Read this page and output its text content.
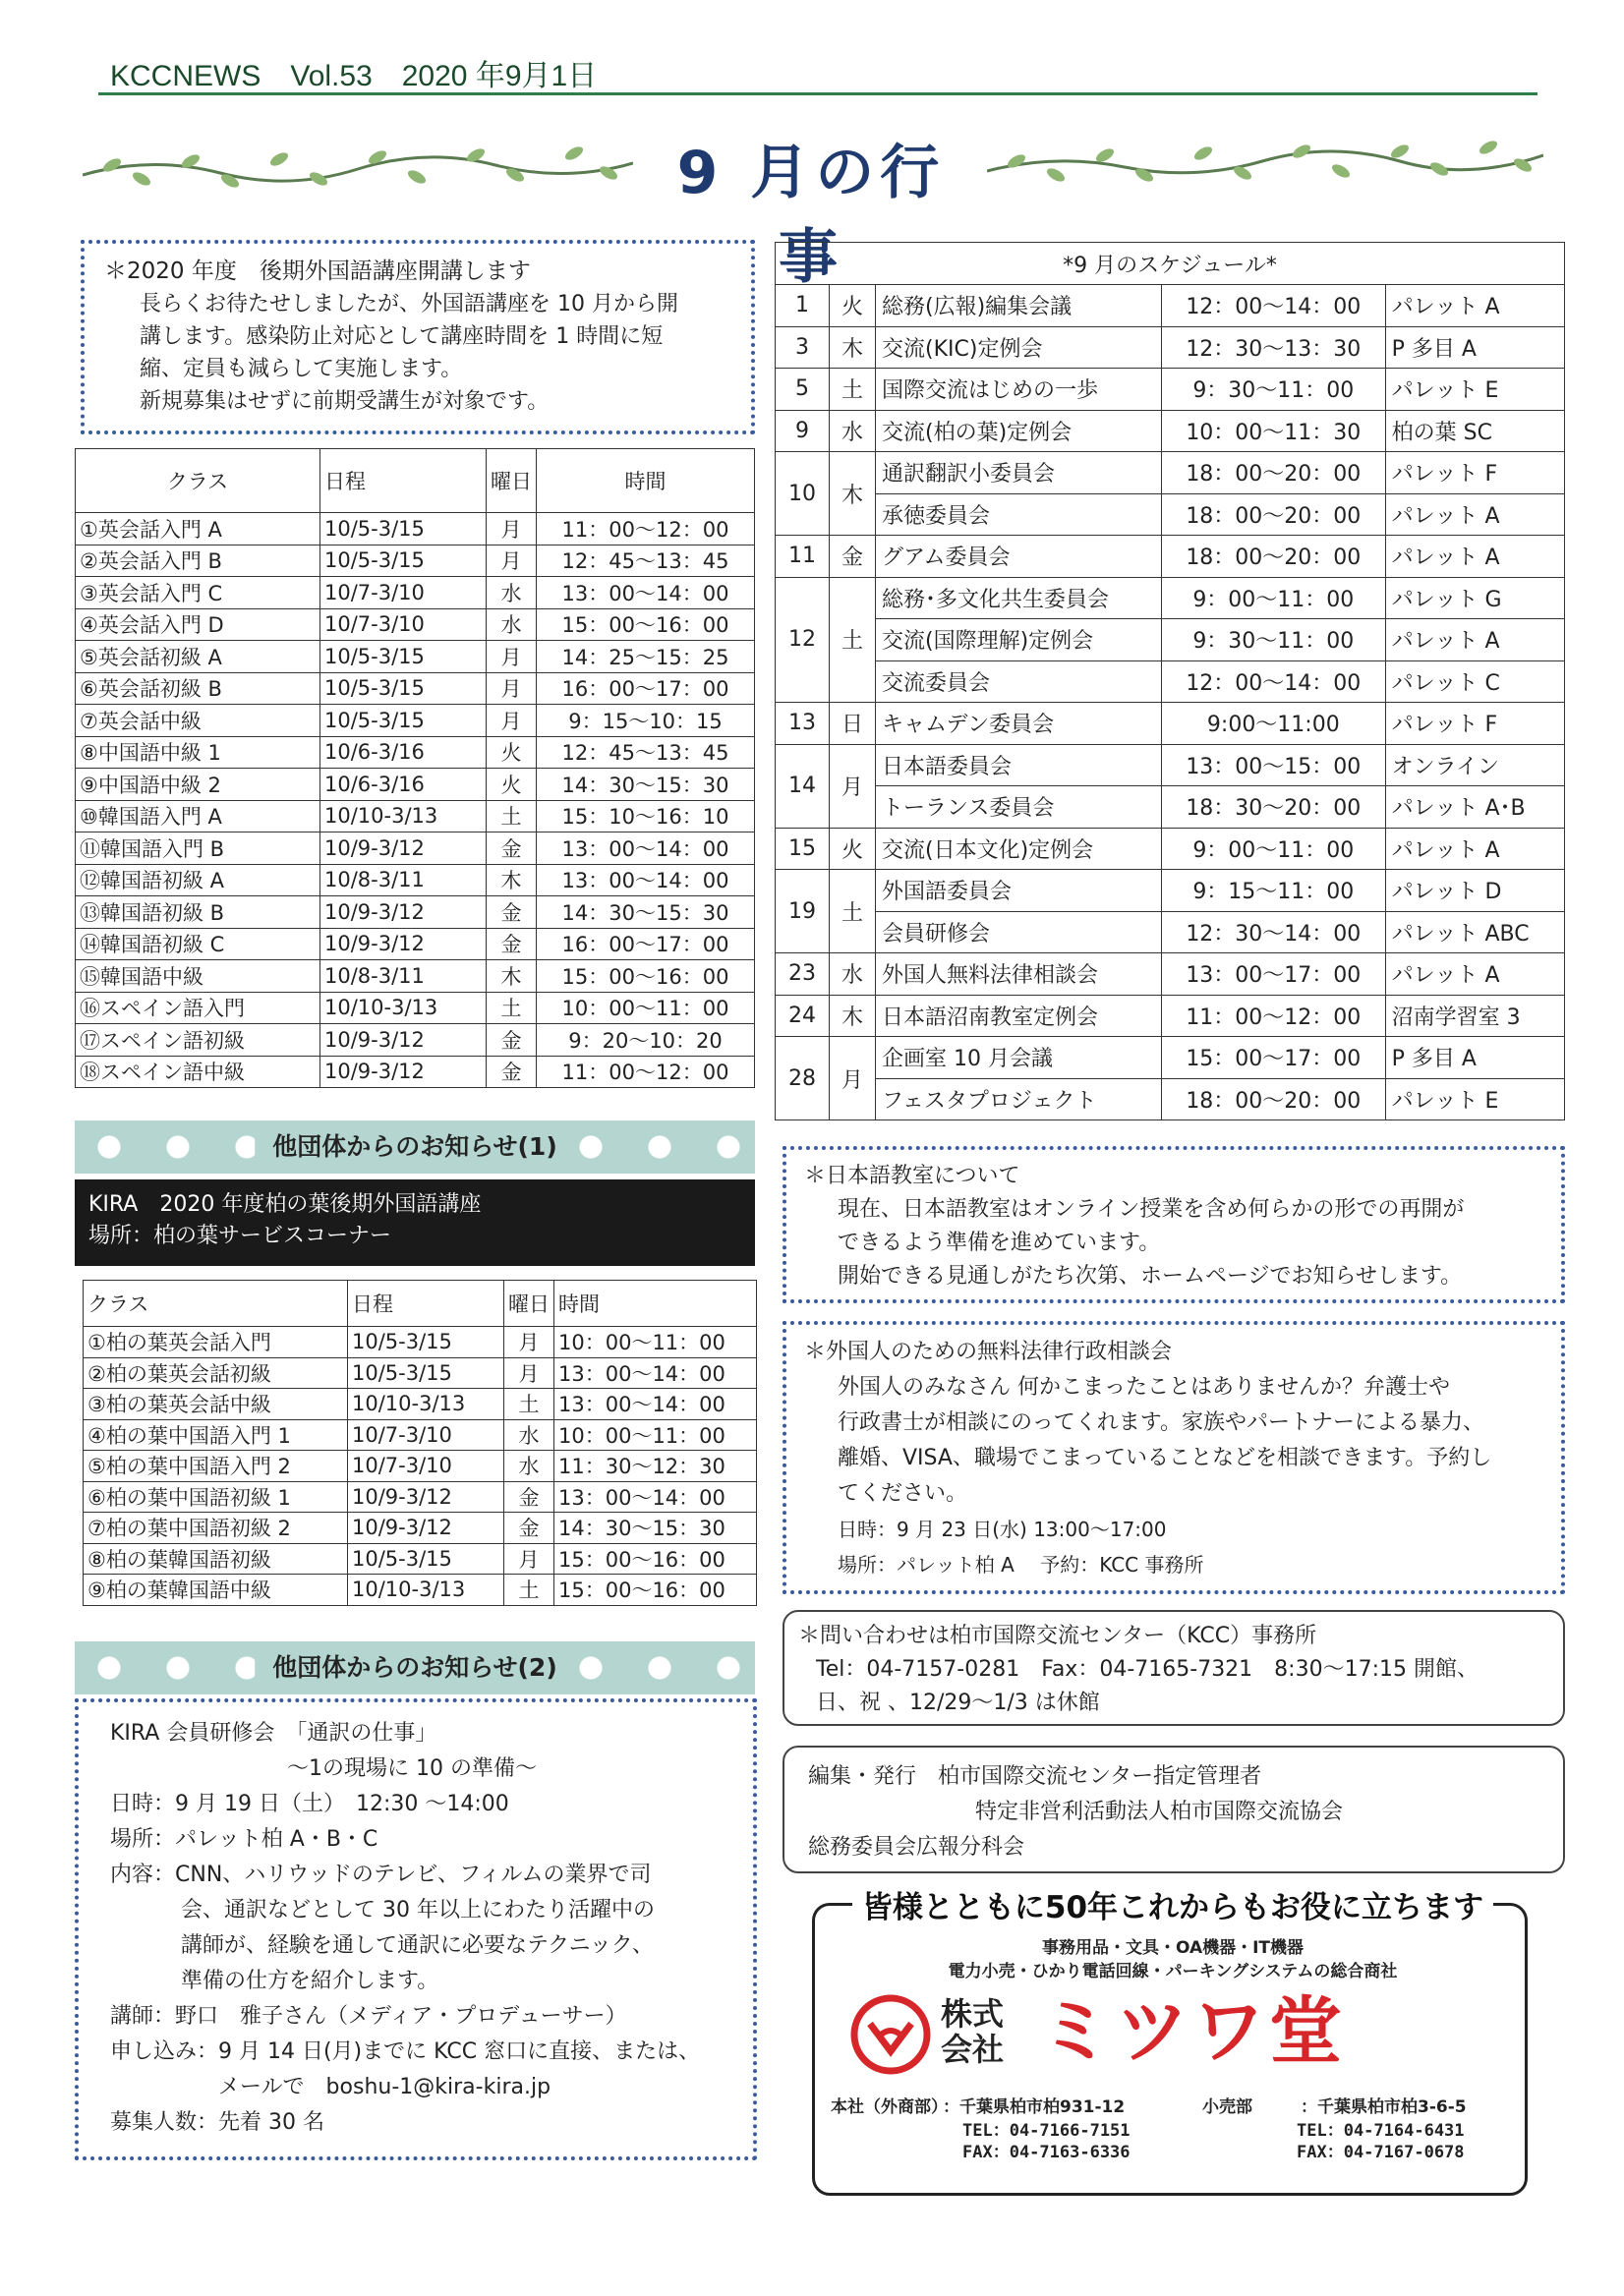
KCCNEWS　Vol.53　2020 年9月1日
9 月の行事
＊2020 年度　後期外国語講座開講します
長らくお待たせしましたが、外国語講座を 10 月から開
講します。感染防止対応として講座時間を 1 時間に短
縮、定員も減らして実施します。
新規募集はせずに前期受講生が対象です。
クラス	日程	曜日	時間
①英会話入門 A	10/5-3/15	月	11：00～12：00
②英会話入門 B	10/5-3/15	月	12：45～13：45
③英会話入門 C	10/7-3/10	水	13：00～14：00
④英会話入門 D	10/7-3/10	水	15：00～16：00
⑤英会話初級 A	10/5-3/15	月	14：25～15：25
⑥英会話初級 B	10/5-3/15	月	16：00～17：00
⑦英会話中級	10/5-3/15	月	9：15～10：15
⑧中国語中級 1	10/6-3/16	火	12：45～13：45
⑨中国語中級 2	10/6-3/16	火	14：30～15：30
⑩韓国語入門 A	10/10-3/13	土	15：10～16：10
⑪韓国語入門 B	10/9-3/12	金	13：00～14：00
⑫韓国語初級 A	10/8-3/11	木	13：00～14：00
⑬韓国語初級 B	10/9-3/12	金	14：30～15：30
⑭韓国語初級 C	10/9-3/12	金	16：00～17：00
⑮韓国語中級	10/8-3/11	木	15：00～16：00
⑯スペイン語入門	10/10-3/13	土	10：00～11：00
⑰スペイン語初級	10/9-3/12	金	9：20～10：20
⑱スペイン語中級	10/9-3/12	金	11：00～12：00
他団体からのお知らせ(1)
KIRA　2020 年度柏の葉後期外国語講座
場所：柏の葉サービスコーナー
クラス	日程	曜日	時間
①柏の葉英会話入門	10/5-3/15	月	10：00～11：00
②柏の葉英会話初級	10/5-3/15	月	13：00～14：00
③柏の葉英会話中級	10/10-3/13	土	13：00～14：00
④柏の葉中国語入門 1	10/7-3/10	水	10：00～11：00
⑤柏の葉中国語入門 2	10/7-3/10	水	11：30～12：30
⑥柏の葉中国語初級 1	10/9-3/12	金	13：00～14：00
⑦柏の葉中国語初級 2	10/9-3/12	金	14：30～15：30
⑧柏の葉韓国語初級	10/5-3/15	月	15：00～16：00
⑨柏の葉韓国語中級	10/10-3/13	土	15：00～16：00
他団体からのお知らせ(2)
KIRA 会員研修会　「通訳の仕事」
～1の現場に 10 の準備～
日時：9 月 19 日（土）　12:30 ～14:00
場所：パレット柏 A・B・C
内容：CNN、ハリウッドのテレビ、フィルムの業界で司
会、通訳などとして 30 年以上にわたり活躍中の
講師が、経験を通して通訳に必要なテクニック、
準備の仕方を紹介します。
講師：野口　雅子さん（メディア・プロデューサー）
申し込み：9 月 14 日(月)までに KCC 窓口に直接、または、
メールで　boshu-1@kira-kira.jp
募集人数：先着 30 名
*9 月のスケジュール*				
1	火	総務(広報)編集会議	12：00～14：00	パレット A
3	木	交流(KIC)定例会	12：30～13：30	P 多目 A
5	土	国際交流はじめの一歩	9：30～11：00	パレット E
9	水	交流(柏の葉)定例会	10：00～11：30	柏の葉 SC
10	木	通訳翻訳小委員会	18：00～20：00	パレット F
		承徳委員会	18：00～20：00	パレット A
11	金	グアム委員会	18：00～20：00	パレット A
12	土	総務･多文化共生委員会	9：00～11：00	パレット G
		交流(国際理解)定例会	9：30～11：00	パレット A
		交流委員会	12：00～14：00	パレット C
13	日	キャムデン委員会	9:00～11:00	パレット F
14	月	日本語委員会	13：00～15：00	オンライン
		トーランス委員会	18：30～20：00	パレット A･B
15	火	交流(日本文化)定例会	9：00～11：00	パレット A
19	土	外国語委員会	9：15～11：00	パレット D
		会員研修会	12：30～14：00	パレット ABC
23	水	外国人無料法律相談会	13：00～17：00	パレット A
24	木	日本語沼南教室定例会	11：00～12：00	沼南学習室 3
28	月	企画室 10 月会議	15：00～17：00	P 多目 A
		フェスタプロジェクト	18：00～20：00	パレット E
＊日本語教室について
現在、日本語教室はオンライン授業を含め何らかの形での再開が
できるよう準備を進めています。
開始できる見通しがたち次第、ホームページでお知らせします。
＊外国人のための無料法律行政相談会
外国人のみなさん 何かこまったことはありませんか？弁護士や
行政書士が相談にのってくれます。家族やパートナーによる暴力、
離婚、VISA、職場でこまっていることなどを相談できます。予約し
てください。
日時：9 月 23 日(水) 13:00～17:00
場所：パレット柏 A　 予約：KCC 事務所
＊問い合わせは柏市国際交流センター（KCC）事務所
Tel：04-7157-0281　Fax：04-7165-7321　8:30～17:15 開館、
日、祝 、12/29～1/3 は休館
編集・発行　柏市国際交流センター指定管理者
特定非営利活動法人柏市国際交流協会
総務委員会広報分科会
皆様とともに50年これからもお役に立ちます
事務用品・文具・OA機器・IT機器
電力小売・ひかり電話回線・パーキングシステムの総合商社
株式
会社 ミツワ堂
本社（外商部）
：千葉県柏市柏931-12
TEL：04-7166-7151
FAX：04-7163-6336
小売部	：千葉県柏市柏3-6-5
TEL：04-7164-6431
FAX：04-7167-0678
